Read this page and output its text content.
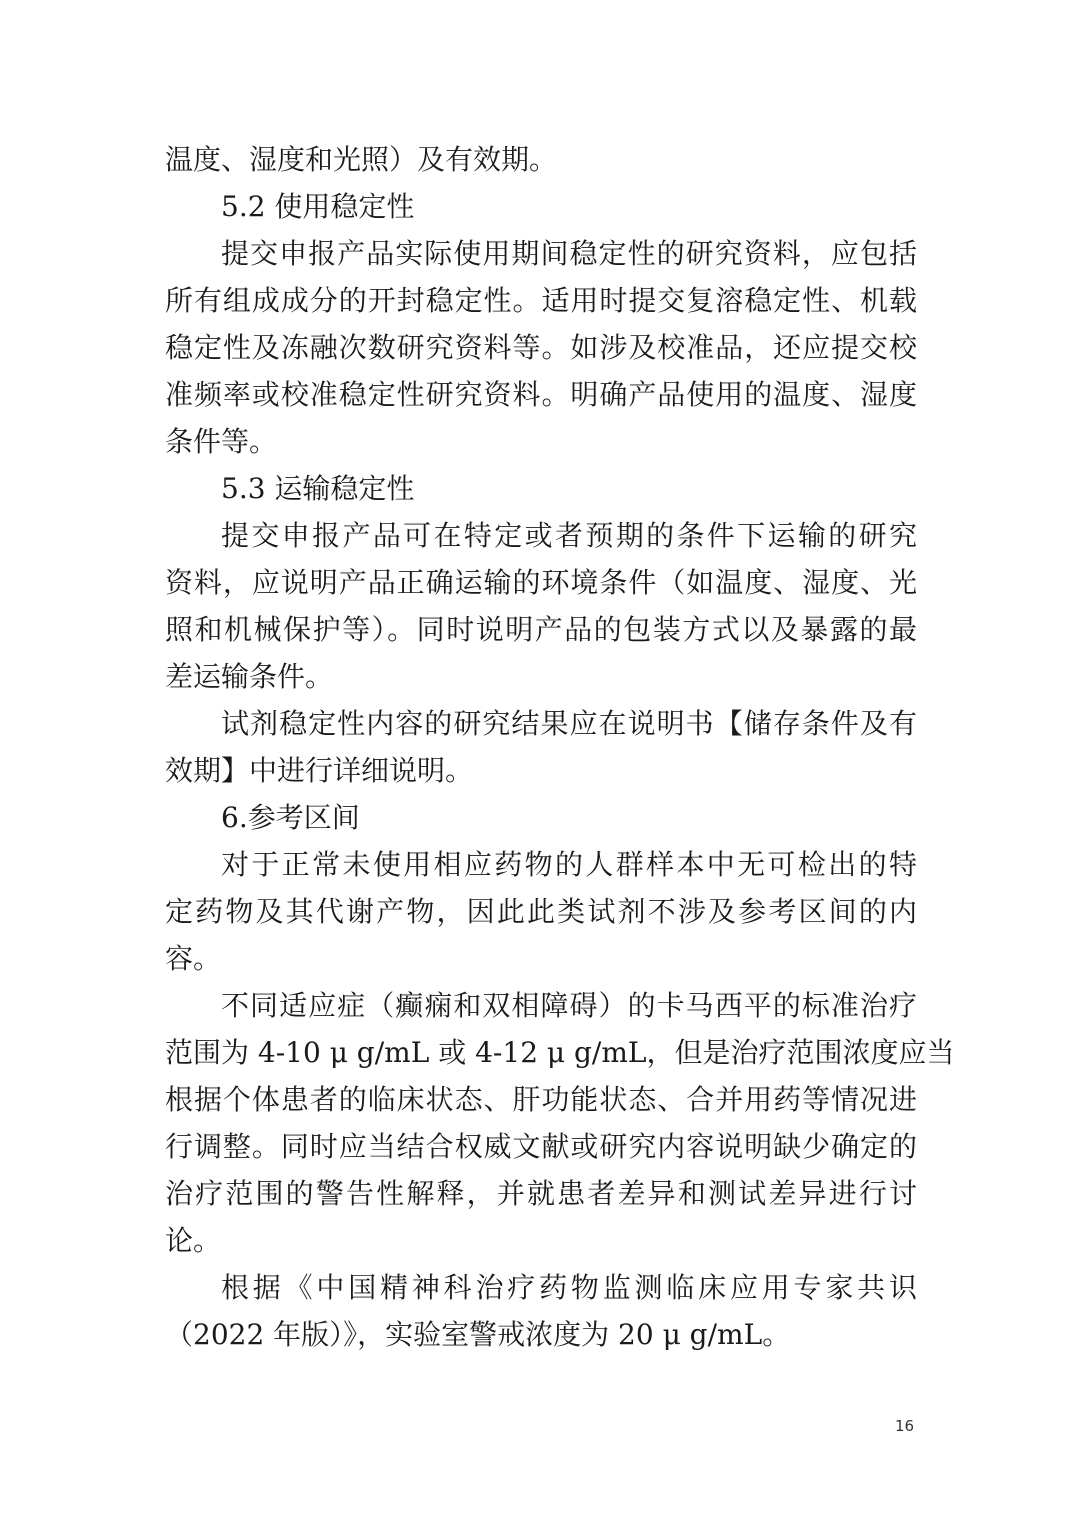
温度、湿度和光照）及有效期。
5.2 使用稳定性
提交申报产品实际使用期间稳定性的研究资料，应包括
所有组成成分的开封稳定性。适用时提交复溶稳定性、机载
稳定性及冻融次数研究资料等。如涉及校准品，还应提交校
准频率或校准稳定性研究资料。明确产品使用的温度、湿度
条件等。
5.3 运输稳定性
提交申报产品可在特定或者预期的条件下运输的研究
资料，应说明产品正确运输的环境条件（如温度、湿度、光
照和机械保护等）。同时说明产品的包装方式以及暴露的最
差运输条件。
试剂稳定性内容的研究结果应在说明书【储存条件及有
效期】中进行详细说明。
6.参考区间
对于正常未使用相应药物的人群样本中无可检出的特
定药物及其代谢产物，因此此类试剂不涉及参考区间的内
容。
不同适应症（癫痫和双相障碍）的卡马西平的标准治疗
范围为 4-10 μ g/mL 或 4-12 μ g/mL，但是治疗范围浓度应当
根据个体患者的临床状态、肝功能状态、合并用药等情况进
行调整。同时应当结合权威文献或研究内容说明缺少确定的
治疗范围的警告性解释，并就患者差异和测试差异进行讨
论。
根据《中国精神科治疗药物监测临床应用专家共识
（2022 年版）》，实验室警戒浓度为 20 μ g/mL。
16
